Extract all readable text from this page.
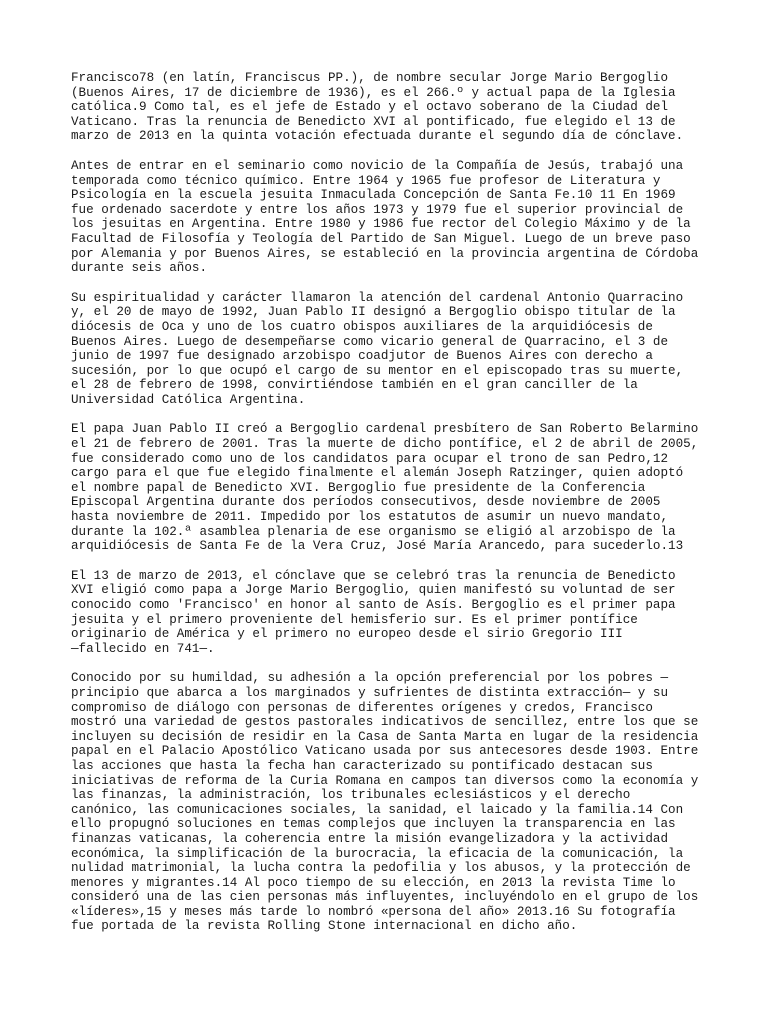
Francisco78 (en latín, Franciscus PP.), de nombre secular Jorge Mario Bergoglio
(Buenos Aires, 17 de diciembre de 1936), es el 266.º y actual papa de la Iglesia
católica.9 Como tal, es el jefe de Estado y el octavo soberano de la Ciudad del
Vaticano. Tras la renuncia de Benedicto XVI al pontificado, fue elegido el 13 de
marzo de 2013 en la quinta votación efectuada durante el segundo día de cónclave.

Antes de entrar en el seminario como novicio de la Compañía de Jesús, trabajó una
temporada como técnico químico. Entre 1964 y 1965 fue profesor de Literatura y
Psicología en la escuela jesuita Inmaculada Concepción de Santa Fe.10 11 En 1969
fue ordenado sacerdote y entre los años 1973 y 1979 fue el superior provincial de
los jesuitas en Argentina. Entre 1980 y 1986 fue rector del Colegio Máximo y de la
Facultad de Filosofía y Teología del Partido de San Miguel. Luego de un breve paso
por Alemania y por Buenos Aires, se estableció en la provincia argentina de Córdoba
durante seis años.

Su espiritualidad y carácter llamaron la atención del cardenal Antonio Quarracino
y, el 20 de mayo de 1992, Juan Pablo II designó a Bergoglio obispo titular de la
diócesis de Oca y uno de los cuatro obispos auxiliares de la arquidiócesis de
Buenos Aires. Luego de desempeñarse como vicario general de Quarracino, el 3 de
junio de 1997 fue designado arzobispo coadjutor de Buenos Aires con derecho a
sucesión, por lo que ocupó el cargo de su mentor en el episcopado tras su muerte,
el 28 de febrero de 1998, convirtiéndose también en el gran canciller de la
Universidad Católica Argentina.

El papa Juan Pablo II creó a Bergoglio cardenal presbítero de San Roberto Belarmino
el 21 de febrero de 2001. Tras la muerte de dicho pontífice, el 2 de abril de 2005,
fue considerado como uno de los candidatos para ocupar el trono de san Pedro,12
cargo para el que fue elegido finalmente el alemán Joseph Ratzinger, quien adoptó
el nombre papal de Benedicto XVI. Bergoglio fue presidente de la Conferencia
Episcopal Argentina durante dos períodos consecutivos, desde noviembre de 2005
hasta noviembre de 2011. Impedido por los estatutos de asumir un nuevo mandato,
durante la 102.ª asamblea plenaria de ese organismo se eligió al arzobispo de la
arquidiócesis de Santa Fe de la Vera Cruz, José María Arancedo, para sucederlo.13

El 13 de marzo de 2013, el cónclave que se celebró tras la renuncia de Benedicto
XVI eligió como papa a Jorge Mario Bergoglio, quien manifestó su voluntad de ser
conocido como 'Francisco' en honor al santo de Asís. Bergoglio es el primer papa
jesuita y el primero proveniente del hemisferio sur. Es el primer pontífice
originario de América y el primero no europeo desde el sirio Gregorio III
—fallecido en 741—.

Conocido por su humildad, su adhesión a la opción preferencial por los pobres —
principio que abarca a los marginados y sufrientes de distinta extracción— y su
compromiso de diálogo con personas de diferentes orígenes y credos, Francisco
mostró una variedad de gestos pastorales indicativos de sencillez, entre los que se
incluyen su decisión de residir en la Casa de Santa Marta en lugar de la residencia
papal en el Palacio Apostólico Vaticano usada por sus antecesores desde 1903. Entre
las acciones que hasta la fecha han caracterizado su pontificado destacan sus
iniciativas de reforma de la Curia Romana en campos tan diversos como la economía y
las finanzas, la administración, los tribunales eclesiásticos y el derecho
canónico, las comunicaciones sociales, la sanidad, el laicado y la familia.14 Con
ello propugnó soluciones en temas complejos que incluyen la transparencia en las
finanzas vaticanas, la coherencia entre la misión evangelizadora y la actividad
económica, la simplificación de la burocracia, la eficacia de la comunicación, la
nulidad matrimonial, la lucha contra la pedofilia y los abusos, y la protección de
menores y migrantes.14 Al poco tiempo de su elección, en 2013 la revista Time lo
consideró una de las cien personas más influyentes, incluyéndolo en el grupo de los
«líderes»,15 y meses más tarde lo nombró «persona del año» 2013.16 Su fotografía
fue portada de la revista Rolling Stone internacional en dicho año.
